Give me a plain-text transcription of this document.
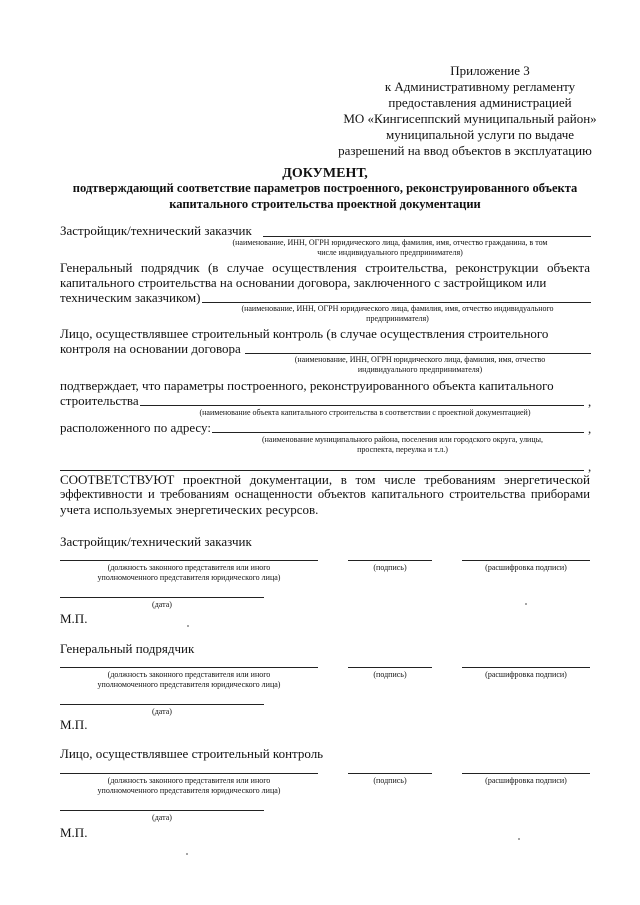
Приложение 3
к Административному регламенту
предоставления администрацией
МО «Кингисеппский муниципальный район»
муниципальной услуги по выдаче
разрешений на ввод объектов в эксплуатацию
ДОКУМЕНТ,
подтверждающий соответствие параметров построенного, реконструированного объекта
капитального строительства проектной документации
Застройщик/технический заказчик
(наименование, ИНН, ОГРН юридического лица, фамилия, имя, отчество гражданина, в том
числе индивидуального предпринимателя)
Генеральный подрядчик (в случае осуществления строительства, реконструкции объекта
капитального строительства на основании договора, заключенного с застройщиком или
техническим заказчиком)
(наименование, ИНН, ОГРН юридического лица, фамилия, имя, отчество индивидуального
предпринимателя)
Лицо, осуществлявшее строительный контроль (в случае осуществления строительного
контроля на основании договора
(наименование, ИНН, ОГРН юридического лица, фамилия, имя, отчество
индивидуального предпринимателя)
подтверждает, что параметры построенного, реконструированного объекта капитального
строительства	,
(наименование объекта капитального строительства в соответствии с проектной документацией)
расположенного по адресу:	,
(наименование муниципального района, поселения или городского округа, улицы,
проспекта, переулка и т.л.)
,
СООТВЕТСТВУЮТ проектной документации, в том числе требованиям энергетической
эффективности и требованиям оснащенности объектов капитального строительства приборами
учета используемых энергетических ресурсов.
Застройщик/технический заказчик
(должность законного представителя или иного
уполномоченного представителя юридического лица)
(подпись)	(расшифровка подписи)
(дата)
М.П.
Генеральный подрядчик
(должность законного представителя или иного
уполномоченного представителя юридического лица)
(подпись)	(расшифровка подписи)
(дата)
М.П.
Лицо, осуществлявшее строительный контроль
(должность законного представителя или иного
уполномоченного представителя юридического лица)
(подпись)	(расшифровка подписи)
(дата)
М.П.
